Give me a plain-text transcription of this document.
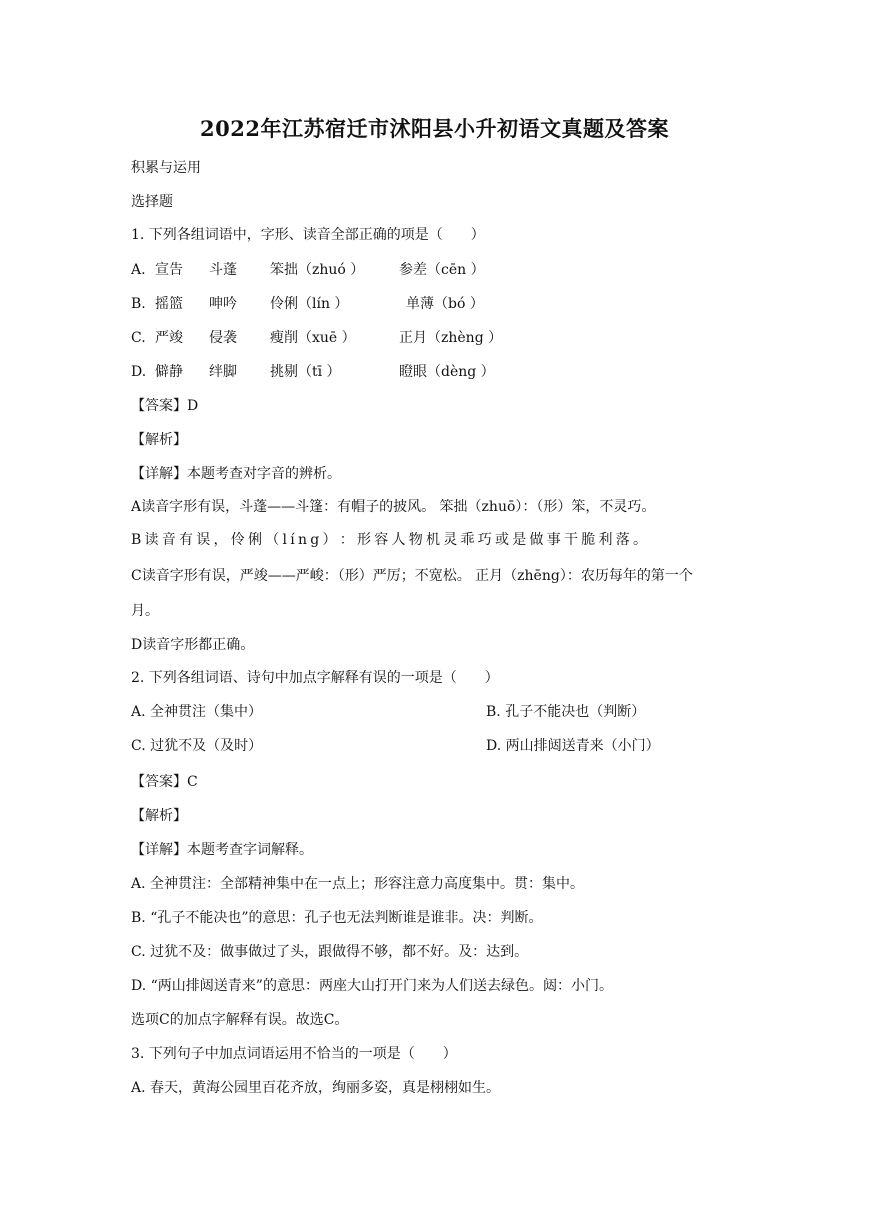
2022年江苏宿迁市沭阳县小升初语文真题及答案
积累与运用
选择题
1. 下列各组词语中，字形、读音全部正确的项是（　　）
A. 宣告 斗蓬 笨拙（zhuó ） 参差（cēn ）
B. 摇篮 呻吟 伶俐（lín ）	单薄（bó ）
C. 严竣 侵袭 瘦削（xuē ）	正月（zhèng ）
D. 僻静 绊脚 挑剔（tī ）	瞪眼（dèng ）
【答案】D
【解析】
【详解】本题考查对字音的辨析。
A读音字形有误，斗蓬——斗篷：有帽子的披风。 笨拙（zhuō）：（形）笨，不灵巧。
B 读 音 有 误 ， 伶 俐 （ l í n g ） ： 形 容 人 物 机 灵 乖 巧 或 是 做 事 干 脆 利 落 。
C读音字形有误，严竣——严峻：（形）严厉；不宽松。 正月（zhēng）：农历每年的第一个
月。
D读音字形都正确。
2. 下列各组词语、诗句中加点字解释有误的一项是（　　）
A. 全神贯注（集中）	B. 孔子不能决也（判断）
C. 过犹不及（及时）	D. 两山排闼送青来（小门）
【答案】C
【解析】
【详解】本题考查字词解释。
A. 全神贯注：全部精神集中在一点上；形容注意力高度集中。贯：集中。
B. “孔子不能决也”的意思：孔子也无法判断谁是谁非。决：判断。
C. 过犹不及：做事做过了头，跟做得不够，都不好。及：达到。
D. “两山排闼送青来”的意思：两座大山打开门来为人们送去绿色。闼：小门。
选项C的加点字解释有误。故选C。
3. 下列句子中加点词语运用不恰当的一项是（　　）
A. 春天，黄海公园里百花齐放，绚丽多姿，真是栩栩如生。
